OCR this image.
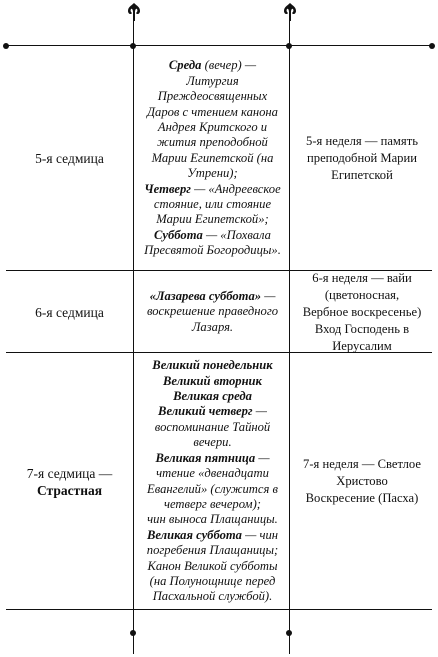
5-я седмица
Среда (вечер) —
Литургия
Преждеосвященных
Даров с чтением канона
Андрея Критского и
жития преподобной
Марии Египетской (на
Утрени);
Четверг — «Андреевское
стояние, или стояние
Марии Египетской»;
Суббота — «Похвала
Пресвятой Богородицы».
5-я неделя — память
преподобной Марии
Египетской
6-я седмица
«Лазарева суббота» —
воскрешение праведного
Лазаря.
6-я неделя — вайи
(цветоносная,
Вербное воскресенье)
Вход Господень в
Иерусалим
7-я седмица —
Страстная
Великий понедельник
Великий вторник
Великая среда
Великий четверг —
воспоминание Тайной
вечери.
Великая пятница —
чтение «двенадцати
Евангелий» (служится в
четверг вечером);
чин выноса Плащаницы.
Великая суббота — чин
погребения Плащаницы;
Канон Великой субботы
(на Полунощнице перед
Пасхальной службой).
7-я неделя — Светлое
Христово
Воскресение (Пасха)
